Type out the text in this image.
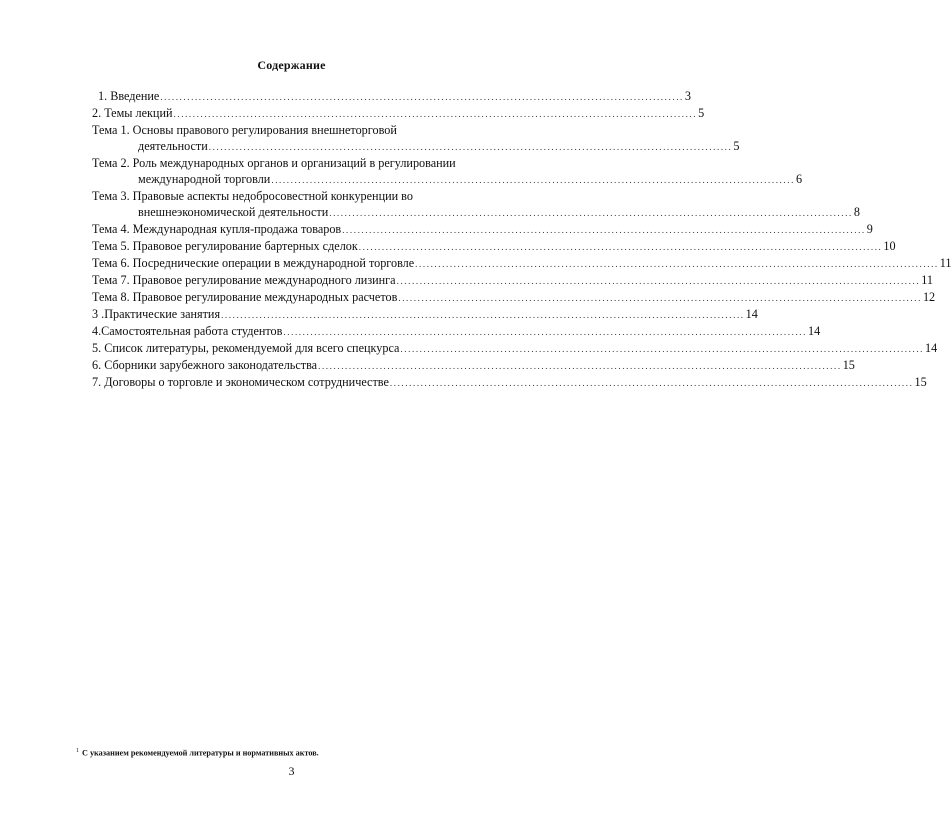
Содержание
1. Введение ........................................................................................................................................ 3
2. Темы лекций ........................................................................................................................................ 5
Тема 1. Основы правового регулирования внешнеторговой
деятельности ........................................................................................................................................ 5
Тема 2. Роль международных органов и организаций в регулировании
международной торговли ........................................................................................................................................ 6
Тема 3. Правовые аспекты недобросовестной конкуренции во
внешнеэкономической деятельности ........................................................................................................................................ 8
Тема 4. Международная купля-продажа товаров ........................................................................................................................................ 9
Тема 5. Правовое регулирование бартерных сделок ........................................................................................................................................ 10
Тема 6. Посреднические операции в международной торговле ........................................................................................................................................ 11
Тема 7. Правовое регулирование международного лизинга ........................................................................................................................................ 11
Тема 8. Правовое регулирование международных расчетов ........................................................................................................................................ 12
3 .Практические занятия ........................................................................................................................................ 14
4.Самостоятельная работа студентов ........................................................................................................................................ 14
5. Список литературы, рекомендуемой для всего спецкурса ........................................................................................................................................ 14
6. Сборники зарубежного законодательства ........................................................................................................................................ 15
7. Договоры о торговле и экономическом сотрудничестве ........................................................................................................................................ 15
$^1$ С указанием рекомендуемой литературы и нормативных актов.
3
